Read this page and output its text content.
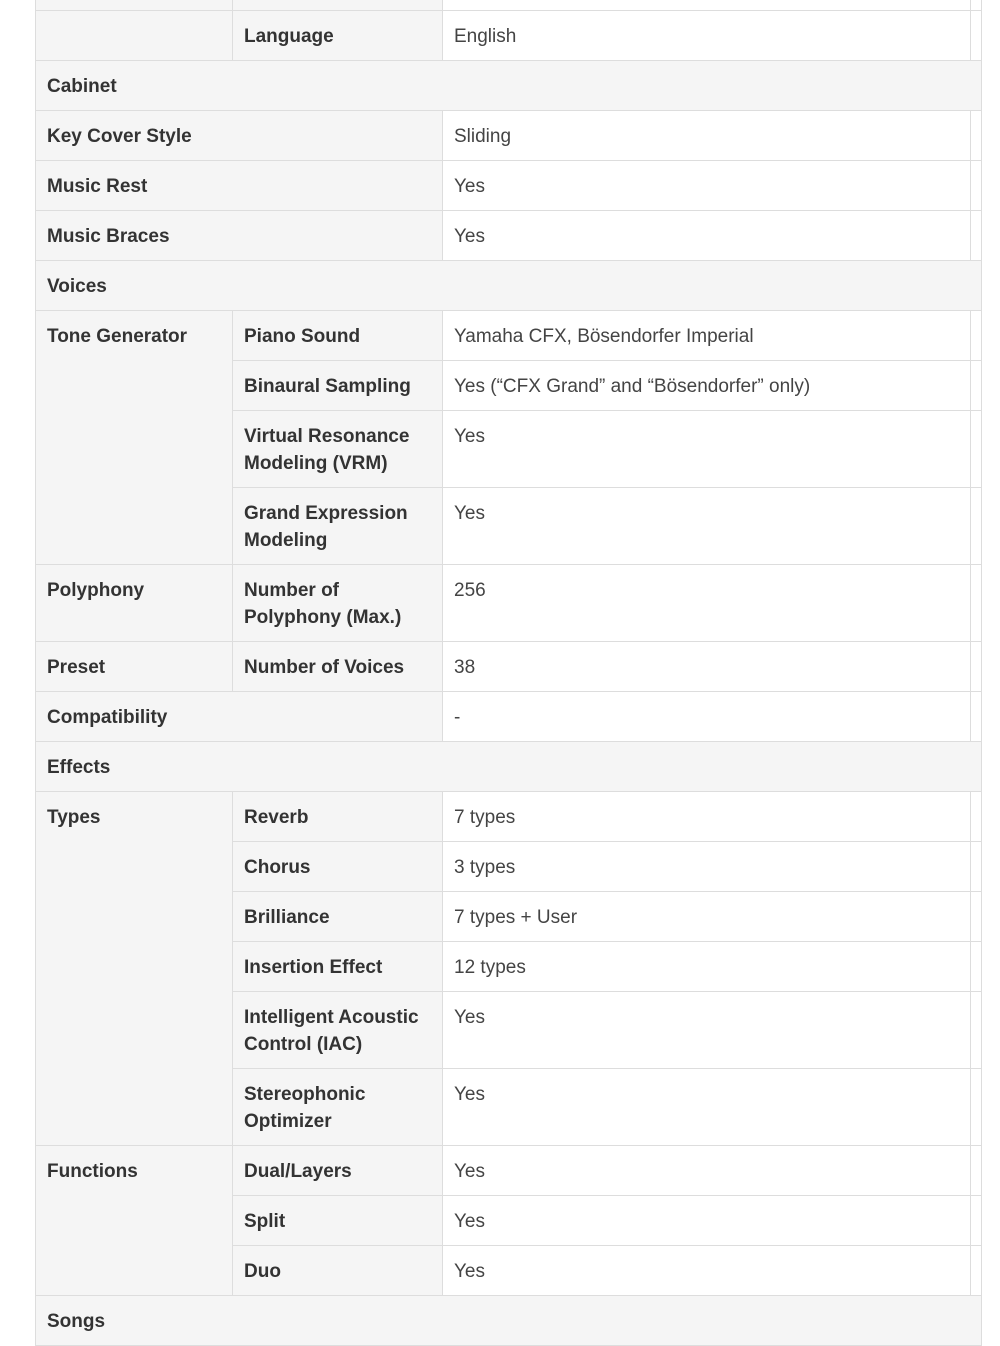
	Language	English	
Cabinet			
Key Cover Style		Sliding	
Music Rest		Yes	
Music Braces		Yes	
Voices			
Tone Generator	Piano Sound	Yamaha CFX, Bösendorfer Imperial	
	Binaural Sampling	Yes (“CFX Grand” and “Bösendorfer” only)	
	Virtual Resonance Modeling (VRM)	Yes	
	Grand Expression Modeling	Yes	
Polyphony	Number of Polyphony (Max.)	256	
Preset	Number of Voices	38	
Compatibility		-	
Effects			
Types	Reverb	7 types	
	Chorus	3 types	
	Brilliance	7 types + User	
	Insertion Effect	12 types	
	Intelligent Acoustic Control (IAC)	Yes	
	Stereophonic Optimizer	Yes	
Functions	Dual/Layers	Yes	
	Split	Yes	
	Duo	Yes	
Songs			
